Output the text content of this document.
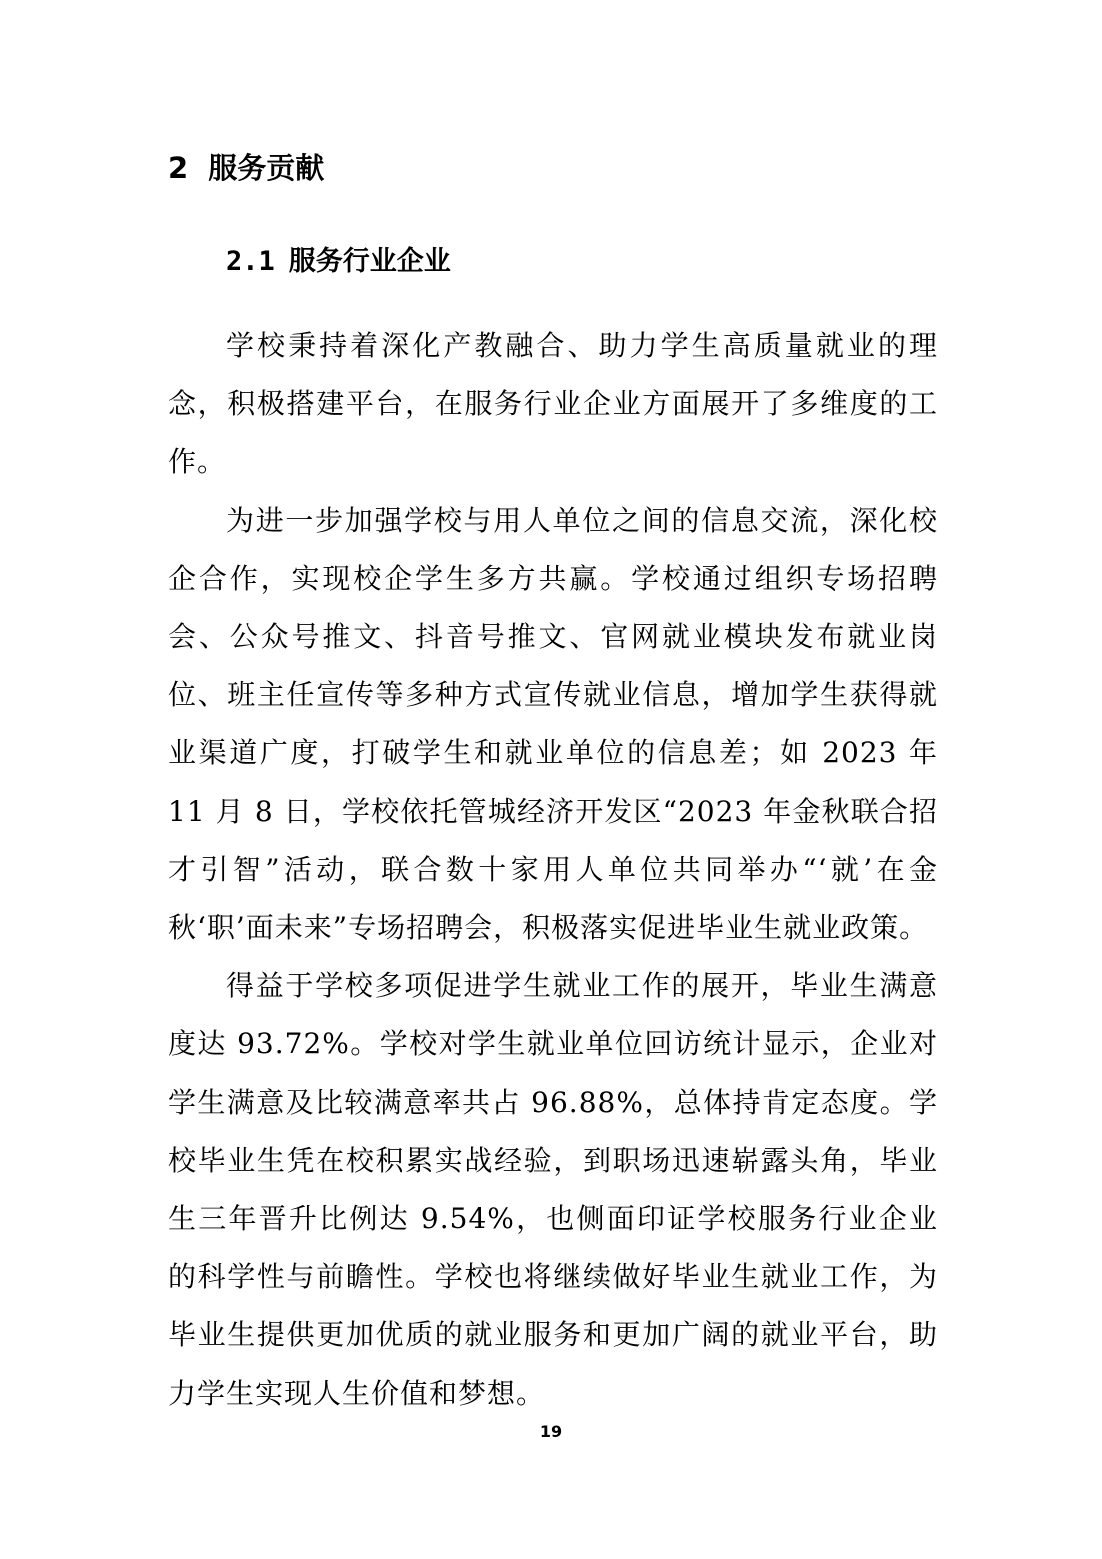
2 服务贡献
2.1 服务行业企业

学校秉持着深化产教融合、助力学生高质量就业的理念，积极搭建平台，在服务行业企业方面展开了多维度的工作。

为进一步加强学校与用人单位之间的信息交流，深化校企合作，实现校企学生多方共赢。学校通过组织专场招聘会、公众号推文、抖音号推文、官网就业模块发布就业岗位、班主任宣传等多种方式宣传就业信息，增加学生获得就业渠道广度，打破学生和就业单位的信息差；如 2023 年 11 月 8 日，学校依托管城经济开发区“2023 年金秋联合招才引智”活动，联合数十家用人单位共同举办“‘就’在金秋‘职’面未来”专场招聘会，积极落实促进毕业生就业政策。

得益于学校多项促进学生就业工作的展开，毕业生满意度达 93.72%。学校对学生就业单位回访统计显示，企业对学生满意及比较满意率共占 96.88%，总体持肯定态度。学校毕业生凭在校积累实战经验，到职场迅速崭露头角，毕业生三年晋升比例达 9.54%，也侧面印证学校服务行业企业的科学性与前瞻性。学校也将继续做好毕业生就业工作，为毕业生提供更加优质的就业服务和更加广阔的就业平台，助力学生实现人生价值和梦想。

19
